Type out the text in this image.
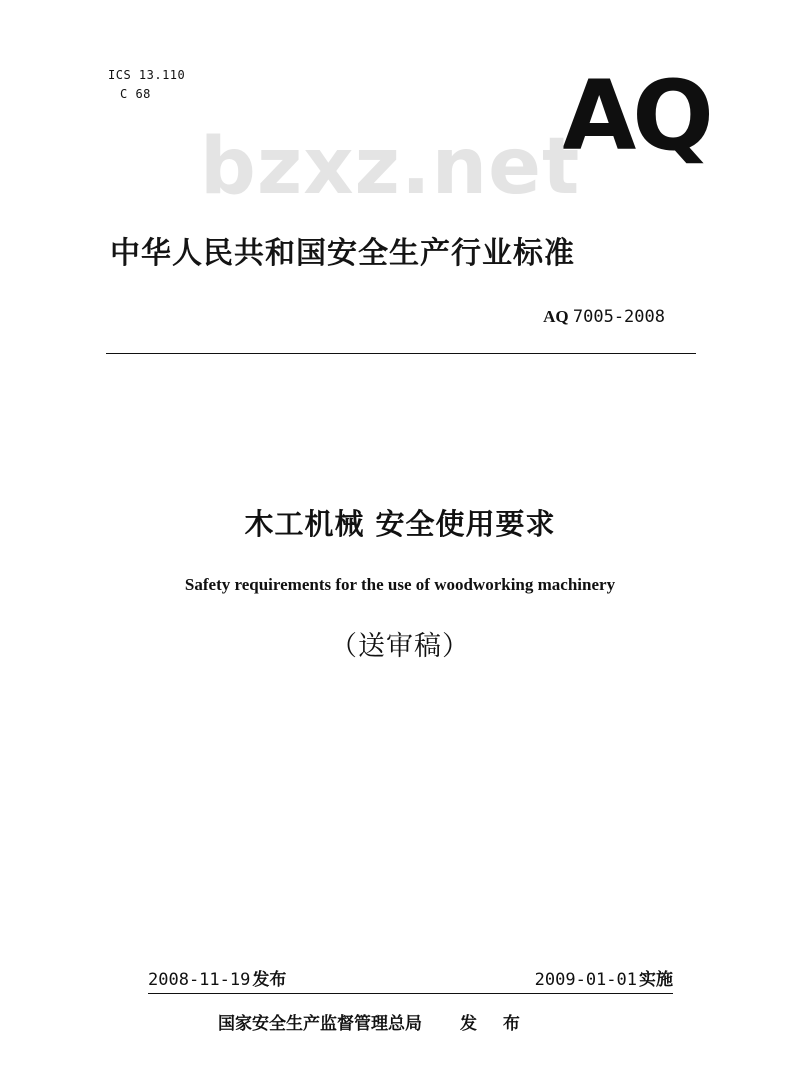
ICS 13.110
C 68	AQ
bzxz.net
中华人民共和国安全生产行业标准
AQ 7005-2008
木工机械 安全使用要求
Safety requirements for the use of woodworking machinery
（送审稿）
2008-11-19 发布	2009-01-01 实施
国家安全生产监督管理总局 发 布
